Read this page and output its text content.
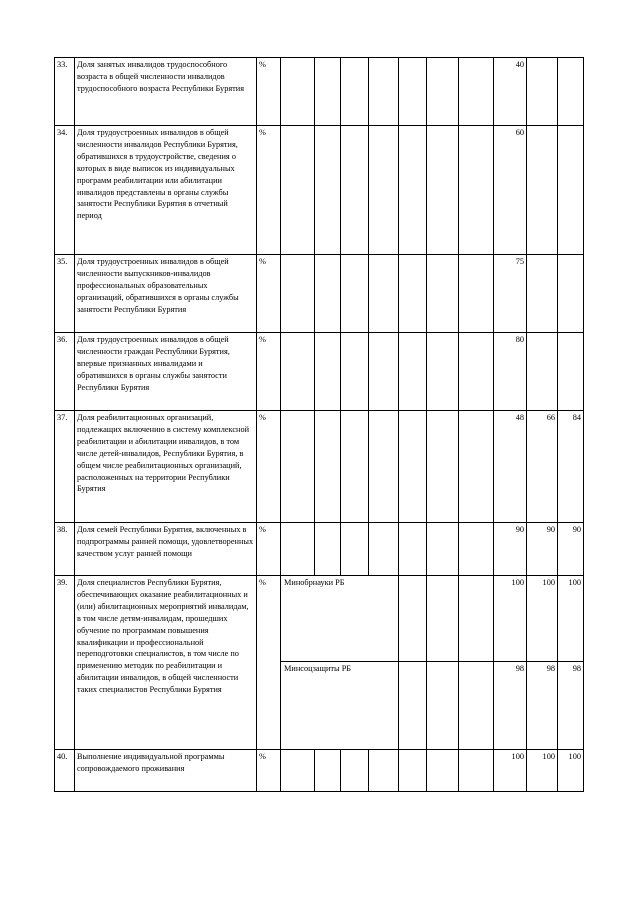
33.	Доля занятых инвалидов трудоспособного возраста в общей численности инвалидов трудоспособного возраста Республики Бурятия	%								40		
34.	Доля трудоустроенных инвалидов в общей численности инвалидов Республики Бурятия, обратившихся в трудоустройстве, сведения о которых в виде выписок из индивидуальных программ реабилитации или абилитации инвалидов представлены в органы службы занятости Республики Бурятия в отчетный период	%								60		
35.	Доля трудоустроенных инвалидов в общей численности выпускников-инвалидов профессиональных образовательных организаций, обратившихся в органы службы занятости Республики Бурятия	%								75		
36.	Доля трудоустроенных инвалидов в общей численности граждан Республики Бурятия, впервые признанных инвалидами и обратившихся в органы службы занятости Республики Бурятия	%								80		
37.	Доля реабилитационных организаций, подлежащих включению в систему комплексной реабилитации и абилитации инвалидов, в том числе детей-инвалидов, Республики Бурятия, в общем числе реабилитационных организаций, расположенных на территории Республики Бурятия	%								48	66	84
38.	Доля семей Республики Бурятия, включенных в подпрограммы ранней помощи, удовлетворенных качеством услуг ранней помощи	%								90	90	90
39.	Доля специалистов Республики Бурятия, обеспечивающих оказание реабилитационных и (или) абилитационных мероприятий инвалидам, в том числе детям-инвалидам, прошедших обучение по программам повышения квалификации и профессиональной переподготовки специалистов, в том числе по применению методик по реабилитации и абилитации инвалидов, в общей численности таких специалистов Республики Бурятия	%	Минобрнауки РБ							100	100	100
			Минсоцзащиты РБ							98	98	98
40.	Выполнение индивидуальной программы сопровождаемого проживания	%								100	100	100
